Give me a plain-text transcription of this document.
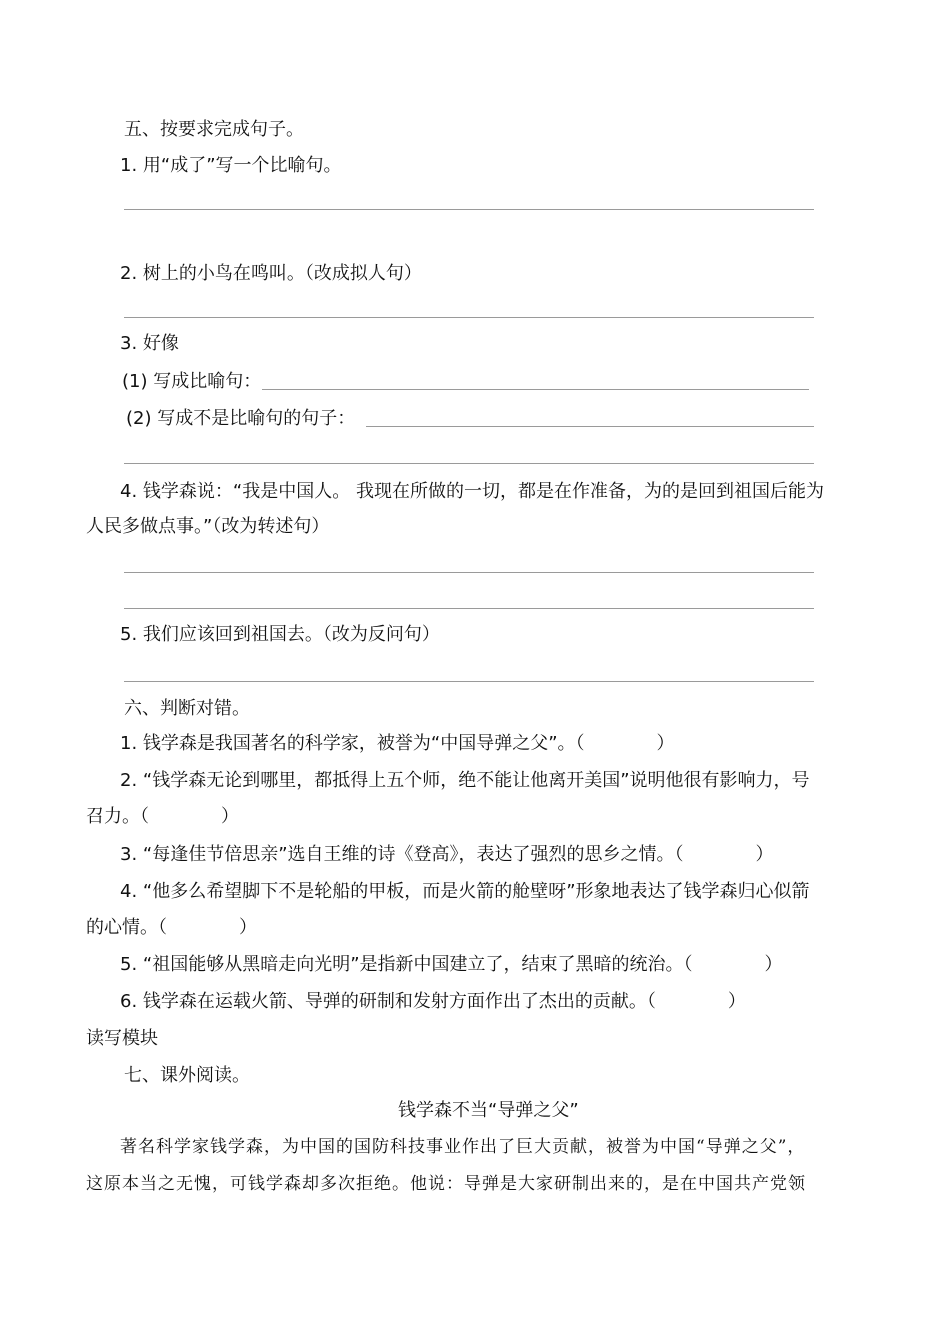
五、按要求完成句子。
1. 用“成了”写一个比喻句。
2. 树上的小鸟在鸣叫。（改成拟人句）
3. 好像
(1) 写成比喻句：
(2) 写成不是比喻句的句子：
4. 钱学森说：“我是中国人。 我现在所做的一切，都是在作准备，为的是回到祖国后能为
人民多做点事。”（改为转述句）
5. 我们应该回到祖国去。（改为反问句）
六、判断对错。
1. 钱学森是我国著名的科学家，被誉为“中国导弹之父”。（　　　　）
2. “钱学森无论到哪里，都抵得上五个师，绝不能让他离开美国”说明他很有影响力，号
召力。（　　　　）
3. “每逢佳节倍思亲”选自王维的诗《登高》，表达了强烈的思乡之情。（　　　　）
4. “他多么希望脚下不是轮船的甲板，而是火箭的舱壁呀”形象地表达了钱学森归心似箭
的心情。（　　　　）
5. “祖国能够从黑暗走向光明”是指新中国建立了，结束了黑暗的统治。（　　　　）
6. 钱学森在运载火箭、导弹的研制和发射方面作出了杰出的贡献。（　　　　）
读写模块
七、课外阅读。
钱学森不当“导弹之父”
著名科学家钱学森，为中国的国防科技事业作出了巨大贡献，被誉为中国“导弹之父”，
这原本当之无愧，可钱学森却多次拒绝。他说：导弹是大家研制出来的，是在中国共产党领
